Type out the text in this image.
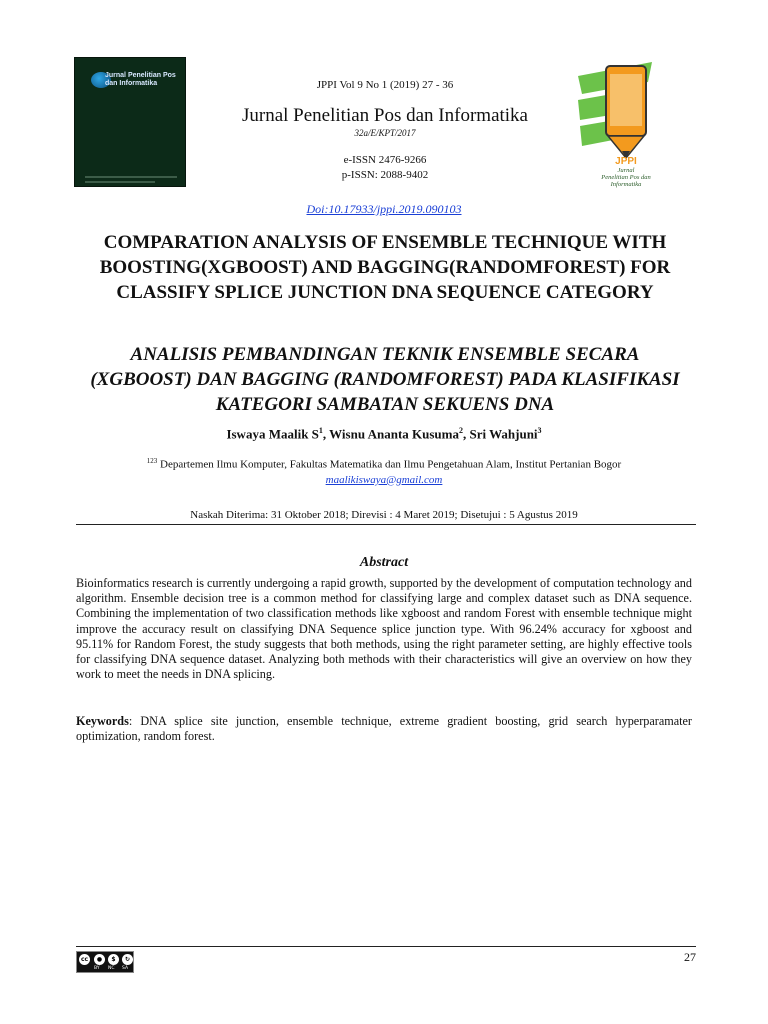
Jurnal Penelitian Pos dan Informatika	JPPI Vol 9 No 1 (2019) 27 - 36
Jurnal Penelitian Pos dan Informatika
32a/E/KPT/2017
e-ISSN 2476-9266
p-ISSN: 2088-9402
JPPI
Jurnal
Penelitian Pos dan
Informatika
Doi:10.17933/jppi.2019.090103
COMPARATION ANALYSIS OF ENSEMBLE TECHNIQUE WITH BOOSTING(XGBOOST) AND BAGGING(RANDOMFOREST) FOR CLASSIFY SPLICE JUNCTION DNA SEQUENCE CATEGORY
ANALISIS PEMBANDINGAN TEKNIK ENSEMBLE SECARA (XGBOOST) DAN BAGGING (RANDOMFOREST) PADA KLASIFIKASI KATEGORI SAMBATAN SEKUENS DNA
Iswaya Maalik $S^1$, Wisnu Ananta Kusuma$^2$, Sri Wahjuni$^3$
$^{123}$ Departemen Ilmu Komputer, Fakultas Matematika dan Ilmu Pengetahuan Alam, Institut Pertanian Bogor
maalikiswaya@gmail.com
Naskah Diterima: 31 Oktober 2018; Direvisi : 4 Maret 2019; Disetujui : 5 Agustus 2019
Abstract
Bioinformatics research is currently undergoing a rapid growth, supported by the development of computation technology and algorithm. Ensemble decision tree is a common method for classifying large and complex dataset such as DNA sequence. Combining the implementation of two classification methods like xgboost and random Forest with ensemble technique might improve the accuracy result on classifying DNA Sequence splice junction type. With 96.24% accuracy for xgboost and 95.11% for Random Forest, the study suggests that both methods, using the right parameter setting, are highly effective tools for classifying DNA sequence dataset. Analyzing both methods with their characteristics will give an overview on how they work to meet the needs in DNA splicing.
Keywords: DNA splice site junction, ensemble technique, extreme gradient boosting, grid search hyperparamater optimization, random forest.
cc	●	$	↻
BY NC SA
27
